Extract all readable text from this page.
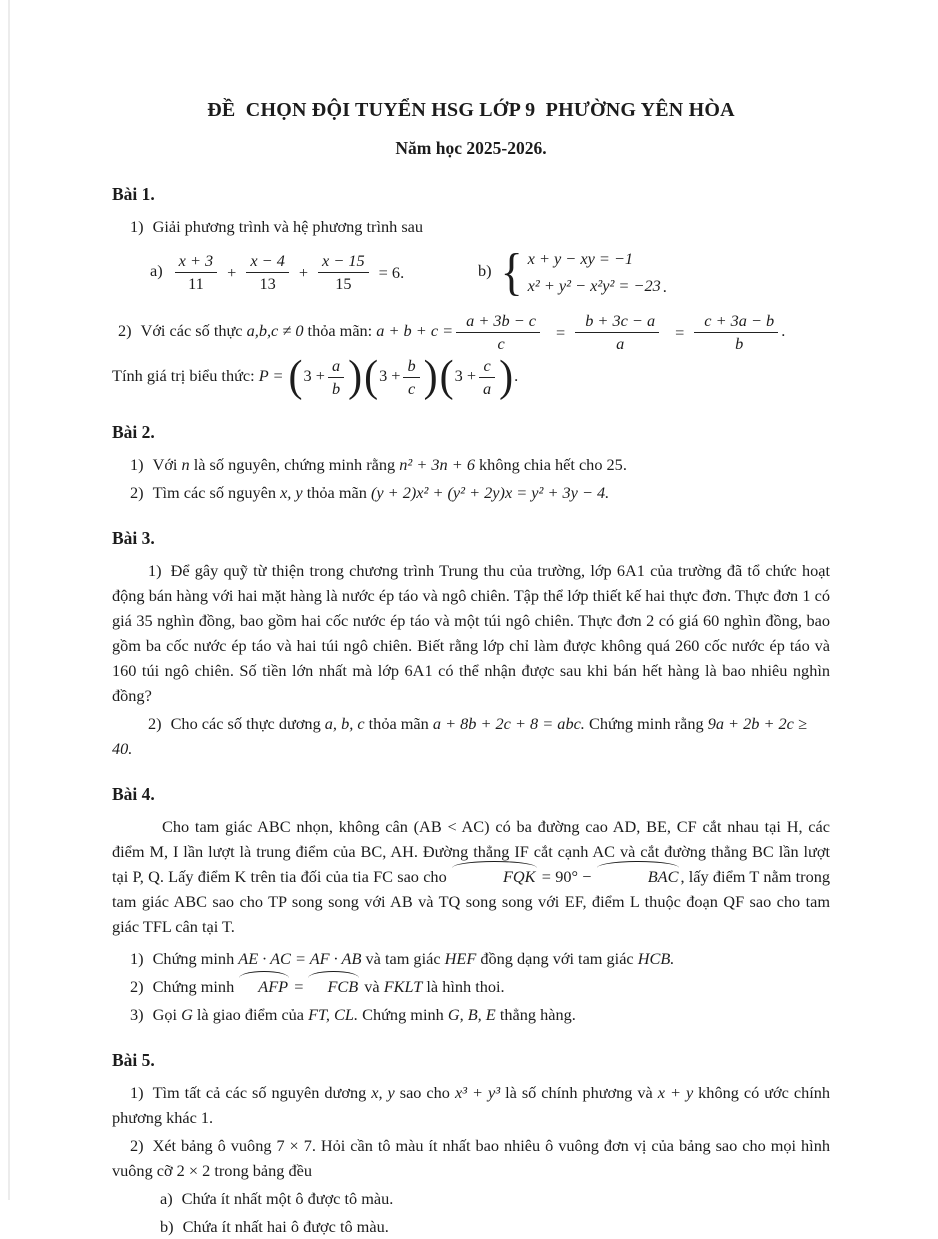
ĐỀ  CHỌN ĐỘI TUYỂN HSG LỚP 9  PHƯỜNG YÊN HÒA
Năm học 2025-2026.
Bài 1.

1) Giải phương trình và hệ phương trình sau

$a) \frac{x + 3}{11} + \frac{x - 4}{13} + \frac{x - 15}{15} = 6$.	b) { x + y − xy = −1
x² + y² − x²y² = −23 .

2) Với các số thực a,b,c ≠ 0 thỏa mãn: $a + b + c = \frac{a + 3b - c}{c} = \frac{b + 3c - a}{a} = \frac{c + 3a - b}{b}$ .

Tính giá trị biểu thức: $P = (3 + \frac{a}{b} )(3 + \frac{b}{c} )(3 + \frac{c}{a}$ ).

Bài 2.

1) Với n là số nguyên, chứng minh rằng n² + 3n + 6 không chia hết cho 25.

2) Tìm các số nguyên x, y thỏa mãn (y + 2)x² + (y² + 2y)x = y² + 3y − 4.

Bài 3.

1) Để gây quỹ từ thiện trong chương trình Trung thu của trường, lớp 6A1 của trường đã tổ chức hoạt động bán hàng với hai mặt hàng là nước ép táo và ngô chiên. Tập thể lớp thiết kế hai thực đơn. Thực đơn 1 có giá 35 nghìn đồng, bao gồm hai cốc nước ép táo và một túi ngô chiên. Thực đơn 2 có giá 60 nghìn đồng, bao gồm ba cốc nước ép táo và hai túi ngô chiên. Biết rằng lớp chỉ làm được không quá 260 cốc nước ép táo và 160 túi ngô chiên. Số tiền lớn nhất mà lớp 6A1 có thể nhận được sau khi bán hết hàng là bao nhiêu nghìn đồng?

2) Cho các số thực dương a, b, c thỏa mãn a + 8b + 2c + 8 = abc. Chứng minh rằng 9a + 2b + 2c ≥ 40.

Bài 4.

Cho tam giác ABC nhọn, không cân (AB < AC) có ba đường cao AD, BE, CF cắt nhau tại H, các điểm M, I lần lượt là trung điểm của BC, AH. Đường thẳng IF cắt cạnh AC và cắt đường thẳng BC lần lượt tại P, Q. Lấy điểm K trên tia đối của tia FC sao cho	FQK = 90° −	BAC , lấy điểm T nằm trong tam giác ABC sao cho TP song song với AB và TQ song song với EF, điểm L thuộc đoạn QF sao cho tam giác TFL cân tại T.

1) Chứng minh AE · AC = AF · AB và tam giác HEF đồng dạng với tam giác HCB.

2) Chứng minh AFP = FCB và FKLT là hình thoi.

3) Gọi G là giao điểm của FT, CL. Chứng minh G, B, E thẳng hàng.

Bài 5.

1) Tìm tất cả các số nguyên dương x, y sao cho x³ + y³ là số chính phương và x + y không có ước chính phương khác 1.

2) Xét bảng ô vuông 7 × 7. Hỏi cần tô màu ít nhất bao nhiêu ô vuông đơn vị của bảng sao cho mọi hình vuông cỡ 2 × 2 trong bảng đều

a) Chứa ít nhất một ô được tô màu.

b) Chứa ít nhất hai ô được tô màu.
